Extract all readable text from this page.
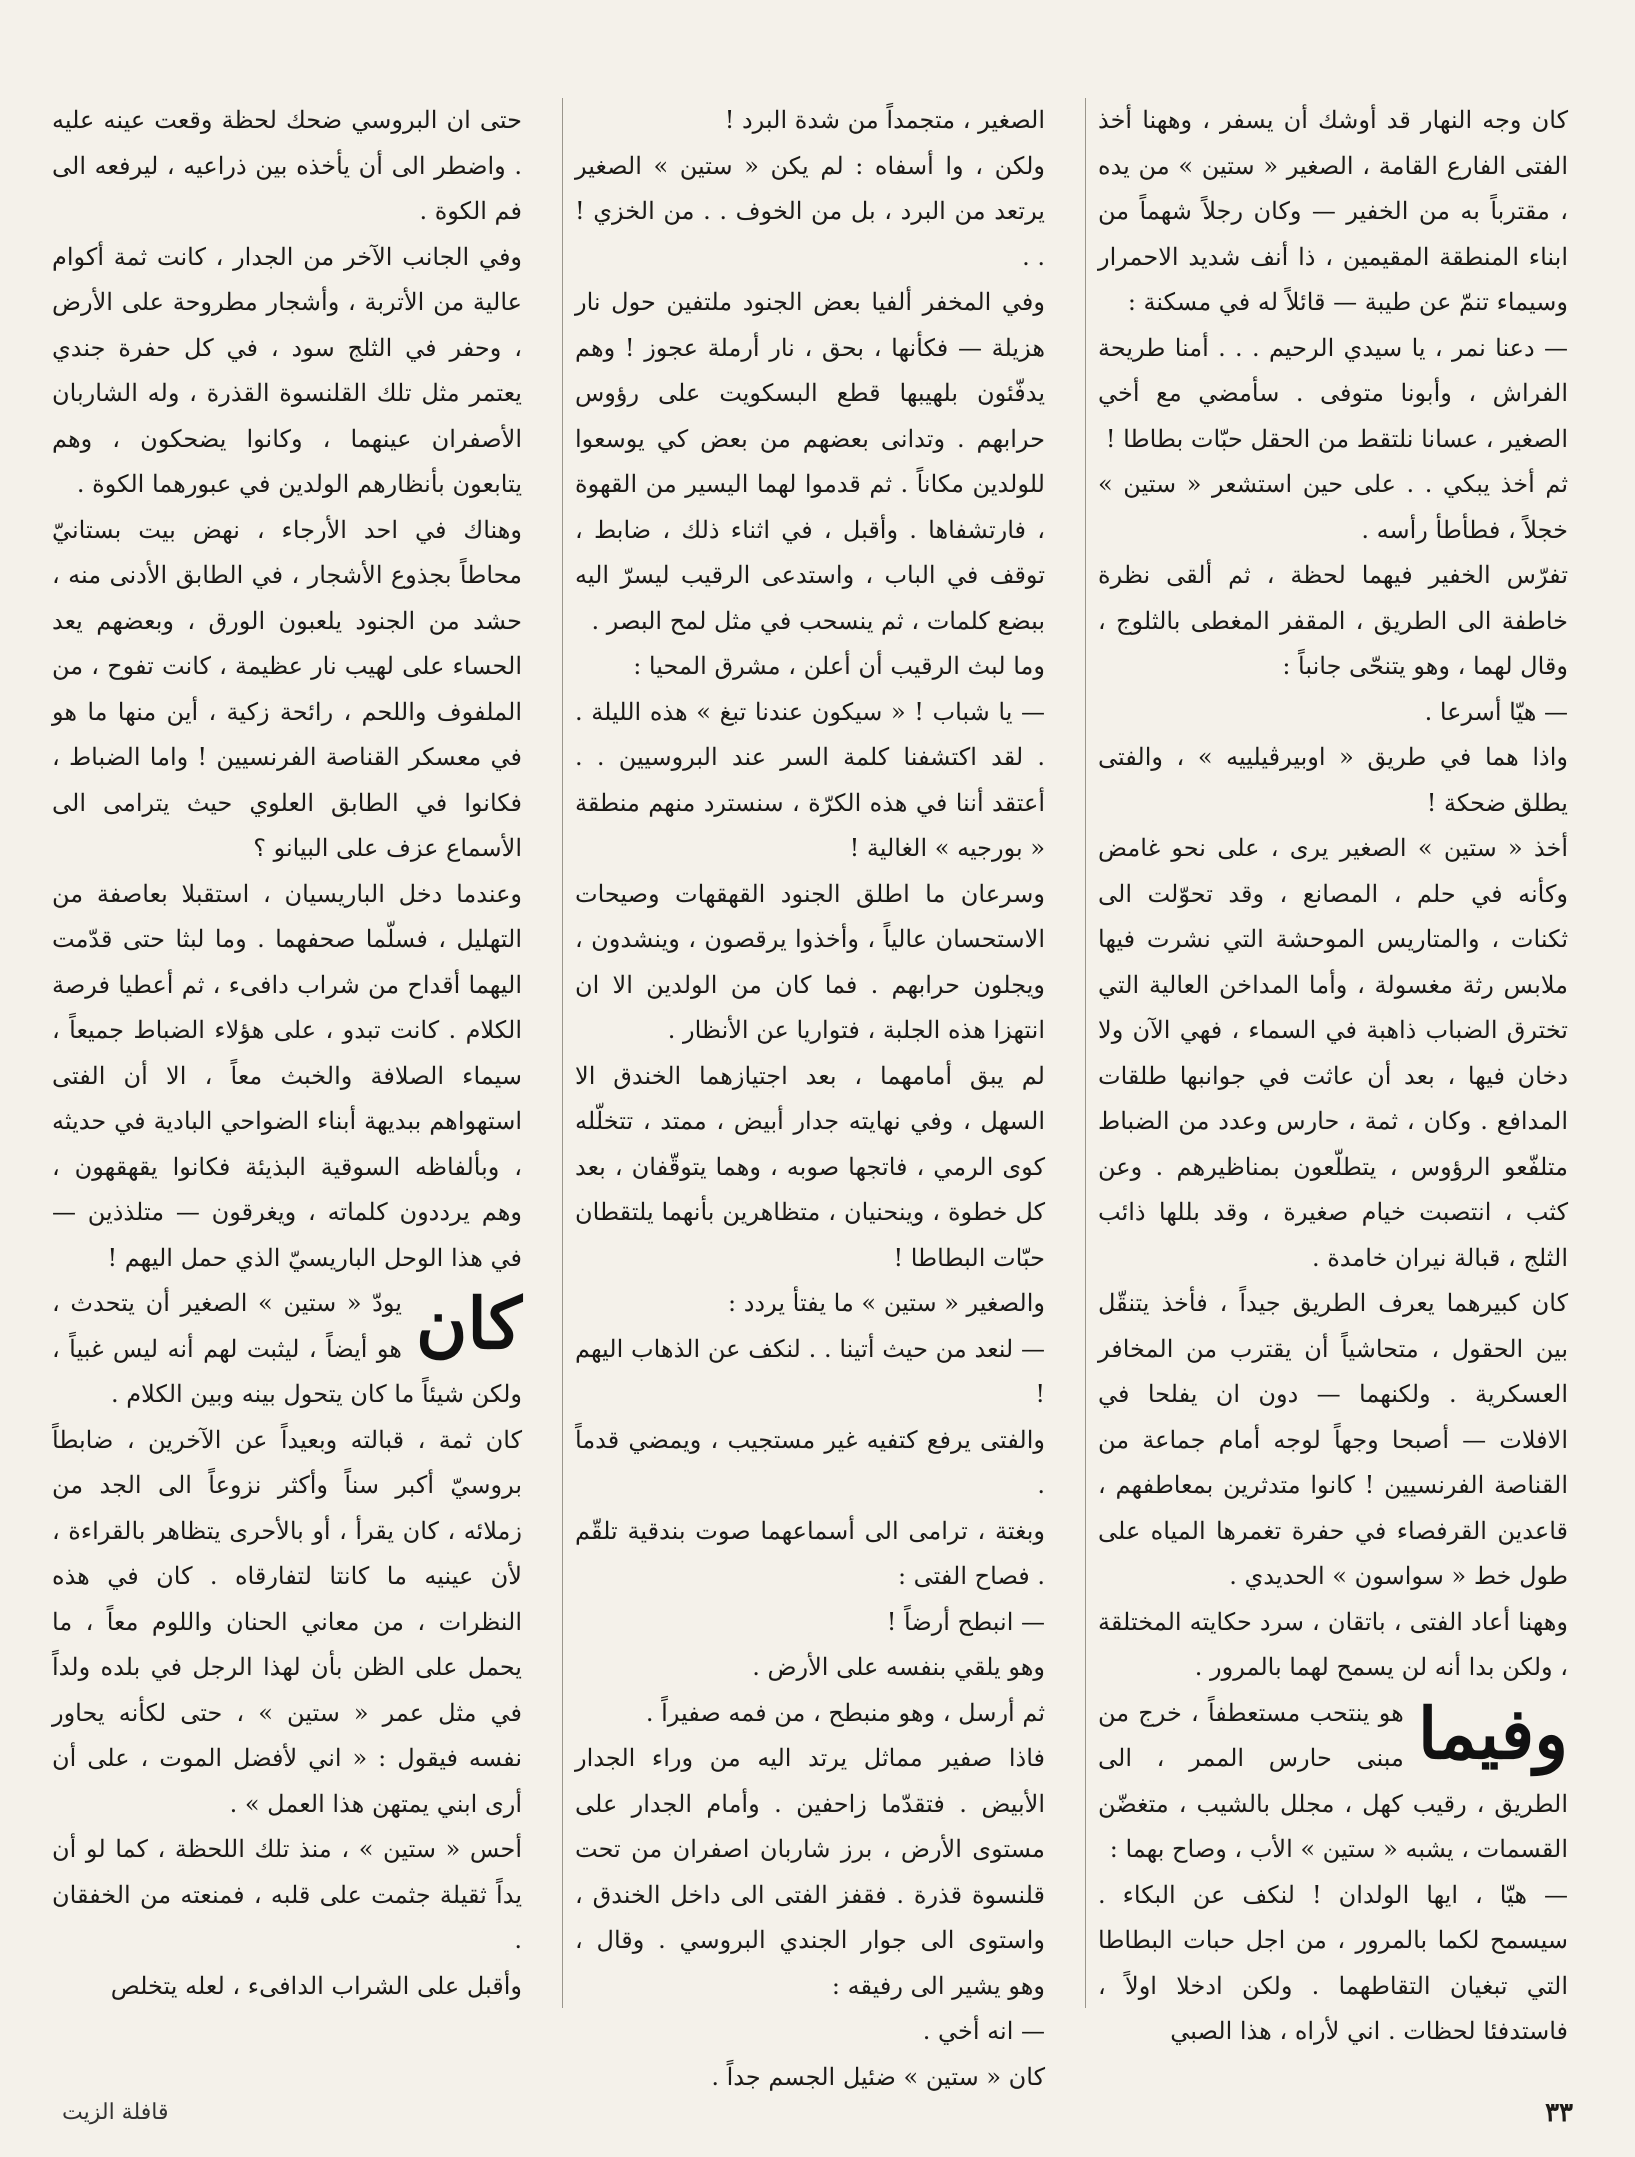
كان وجه النهار قد أوشك أن يسفر ، وههنا أخذ الفتى الفارع القامة ، الصغير « ستين » من يده ، مقترباً به من الخفير — وكان رجلاً شهماً من ابناء المنطقة المقيمين ، ذا أنف شديد الاحمرار وسيماء تنمّ عن طيبة — قائلاً له في مسكنة :

— دعنا نمر ، يا سيدي الرحيم . . . أمنا طريحة الفراش ، وأبونا متوفى . سأمضي مع أخي الصغير ، عسانا نلتقط من الحقل حبّات بطاطا !

ثم أخذ يبكي . . على حين استشعر « ستين » خجلاً ، فطأطأ رأسه .

تفرّس الخفير فيهما لحظة ، ثم ألقى نظرة خاطفة الى الطريق ، المقفر المغطى بالثلوج ، وقال لهما ، وهو يتنحّى جانباً :

— هيّا أسرعا .

واذا هما في طريق « اوبيرڤيلييه » ، والفتى يطلق ضحكة !

أخذ « ستين » الصغير يرى ، على نحو غامض وكأنه في حلم ، المصانع ، وقد تحوّلت الى ثكنات ، والمتاريس الموحشة التي نشرت فيها ملابس رثة مغسولة ، وأما المداخن العالية التي تخترق الضباب ذاهبة في السماء ، فهي الآن ولا دخان فيها ، بعد أن عاثت في جوانبها طلقات المدافع . وكان ، ثمة ، حارس وعدد من الضباط متلفّعو الرؤوس ، يتطلّعون بمناظيرهم . وعن كثب ، انتصبت خيام صغيرة ، وقد بللها ذائب الثلج ، قبالة نيران خامدة .

كان كبيرهما يعرف الطريق جيداً ، فأخذ يتنقّل بين الحقول ، متحاشياً أن يقترب من المخافر العسكرية . ولكنهما — دون ان يفلحا في الافلات — أصبحا وجهاً لوجه أمام جماعة من القناصة الفرنسيين ! كانوا متدثرين بمعاطفهم ، قاعدين القرفصاء في حفرة تغمرها المياه على طول خط « سواسون » الحديدي .

وههنا أعاد الفتى ، باتقان ، سرد حكايته المختلقة ، ولكن بدا أنه لن يسمح لهما بالمرور .

وفيما
هو ينتحب مستعطفاً ، خرج من مبنى حارس الممر ، الى الطريق ، رقيب كهل ، مجلل بالشيب ، متغضّن القسمات ، يشبه « ستين » الأب ، وصاح بهما :

— هيّا ، ايها الولدان ! لنكف عن البكاء . سيسمح لكما بالمرور ، من اجل حبات البطاطا التي تبغيان التقاطهما . ولكن ادخلا اولاً ، فاستدفئا لحظات . اني لأراه ، هذا الصبي

الصغير ، متجمداً من شدة البرد !

ولكن ، وا أسفاه : لم يكن « ستين » الصغير يرتعد من البرد ، بل من الخوف . . من الخزي ! . .

وفي المخفر ألفيا بعض الجنود ملتفين حول نار هزيلة — فكأنها ، بحق ، نار أرملة عجوز ! وهم يدفّئون بلهيبها قطع البسكويت على رؤوس حرابهم . وتدانى بعضهم من بعض كي يوسعوا للولدين مكاناً . ثم قدموا لهما اليسير من القهوة ، فارتشفاها . وأقبل ، في اثناء ذلك ، ضابط ، توقف في الباب ، واستدعى الرقيب ليسرّ اليه ببضع كلمات ، ثم ينسحب في مثل لمح البصر .

وما لبث الرقيب أن أعلن ، مشرق المحيا :

— يا شباب ! « سيكون عندنا تبغ » هذه الليلة . . لقد اكتشفنا كلمة السر عند البروسيين . . أعتقد أننا في هذه الكرّة ، سنسترد منهم منطقة « بورجيه » الغالية !

وسرعان ما اطلق الجنود القهقهات وصيحات الاستحسان عالياً ، وأخذوا يرقصون ، وينشدون ، ويجلون حرابهم . فما كان من الولدين الا ان انتهزا هذه الجلبة ، فتواريا عن الأنظار .

لم يبق أمامهما ، بعد اجتيازهما الخندق الا السهل ، وفي نهايته جدار أبيض ، ممتد ، تتخلّله كوى الرمي ، فاتجها صوبه ، وهما يتوقّفان ، بعد كل خطوة ، وينحنيان ، متظاهرين بأنهما يلتقطان حبّات البطاطا !

والصغير « ستين » ما يفتأ يردد :

— لنعد من حيث أتينا . . لنكف عن الذهاب اليهم !

والفتى يرفع كتفيه غير مستجيب ، ويمضي قدماً .

وبغتة ، ترامى الى أسماعهما صوت بندقية تلقّم . فصاح الفتى :

— انبطح أرضاً !

وهو يلقي بنفسه على الأرض .

ثم أرسل ، وهو منبطح ، من فمه صفيراً .

فاذا صفير مماثل يرتد اليه من وراء الجدار الأبيض . فتقدّما زاحفين . وأمام الجدار على مستوى الأرض ، برز شاربان اصفران من تحت قلنسوة قذرة . فقفز الفتى الى داخل الخندق ، واستوى الى جوار الجندي البروسي . وقال ، وهو يشير الى رفيقه :

— انه أخي .

كان « ستين » ضئيل الجسم جداً .

حتى ان البروسي ضحك لحظة وقعت عينه عليه . واضطر الى أن يأخذه بين ذراعيه ، ليرفعه الى فم الكوة .

وفي الجانب الآخر من الجدار ، كانت ثمة أكوام عالية من الأتربة ، وأشجار مطروحة على الأرض ، وحفر في الثلج سود ، في كل حفرة جندي يعتمر مثل تلك القلنسوة القذرة ، وله الشاربان الأصفران عينهما ، وكانوا يضحكون ، وهم يتابعون بأنظارهم الولدين في عبورهما الكوة .

وهناك في احد الأرجاء ، نهض بيت بستانيّ محاطاً بجذوع الأشجار ، في الطابق الأدنى منه ، حشد من الجنود يلعبون الورق ، وبعضهم يعد الحساء على لهيب نار عظيمة ، كانت تفوح ، من الملفوف واللحم ، رائحة زكية ، أين منها ما هو في معسكر القناصة الفرنسيين ! واما الضباط ، فكانوا في الطابق العلوي حيث يترامى الى الأسماع عزف على البيانو ؟

وعندما دخل الباريسيان ، استقبلا بعاصفة من التهليل ، فسلّما صحفهما . وما لبثا حتى قدّمت اليهما أقداح من شراب دافىء ، ثم أعطيا فرصة الكلام . كانت تبدو ، على هؤلاء الضباط جميعاً ، سيماء الصلافة والخبث معاً ، الا أن الفتى استهواهم ببديهة أبناء الضواحي البادية في حديثه ، وبألفاظه السوقية البذيئة فكانوا يقهقهون ، وهم يرددون كلماته ، ويغرقون — متلذذين — في هذا الوحل الباريسيّ الذي حمل اليهم !

كان
يودّ « ستين » الصغير أن يتحدث ، هو أيضاً ، ليثبت لهم أنه ليس غبياً ، ولكن شيئاً ما كان يتحول بينه وبين الكلام .

كان ثمة ، قبالته وبعيداً عن الآخرين ، ضابطاً بروسيّ أكبر سناً وأكثر نزوعاً الى الجد من زملائه ، كان يقرأ ، أو بالأحرى يتظاهر بالقراءة ، لأن عينيه ما كانتا لتفارقاه . كان في هذه النظرات ، من معاني الحنان واللوم معاً ، ما يحمل على الظن بأن لهذا الرجل في بلده ولداً في مثل عمر « ستين » ، حتى لكأنه يحاور نفسه فيقول : « اني لأفضل الموت ، على أن أرى ابني يمتهن هذا العمل » .

أحس « ستين » ، منذ تلك اللحظة ، كما لو أن يداً ثقيلة جثمت على قلبه ، فمنعته من الخفقان .

وأقبل على الشراب الدافىء ، لعله يتخلص

٣٣
قافلة الزيت
